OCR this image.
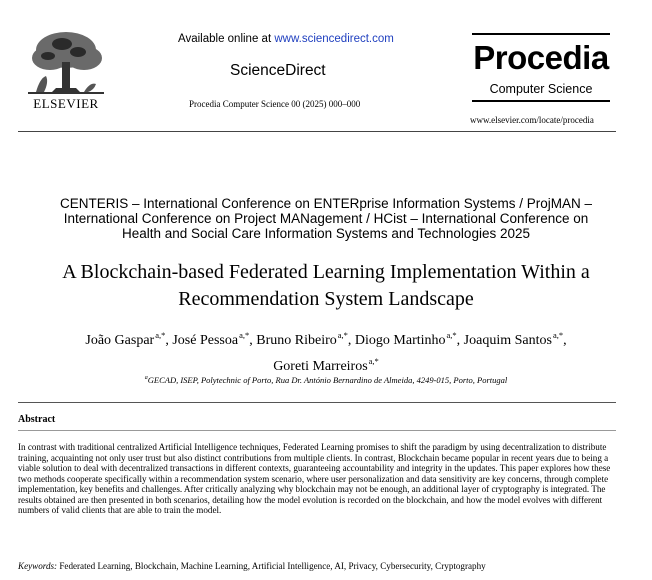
ELSEVIER
Available online at www.sciencedirect.com
ScienceDirect
Procedia Computer Science 00 (2025) 000–000
Procedia
Computer Science
www.elsevier.com/locate/procedia
CENTERIS – International Conference on ENTERprise Information Systems / ProjMAN –
International Conference on Project MANagement / HCist – International Conference on
Health and Social Care Information Systems and Technologies 2025
A Blockchain-based Federated Learning Implementation Within a
Recommendation System Landscape
João Gaspar$^{a,*}$, José Pessoa$^{a,*}$, Bruno Ribeiro$^{a,*}$, Diogo Martinho$^{a,*}$, Joaquim Santos$^{a,*}$,
Goreti Marreiros$^{a,*}$
$^a$GECAD, ISEP, Polytechnic of Porto, Rua Dr. António Bernardino de Almeida, 4249-015, Porto, Portugal
Abstract
In contrast with traditional centralized Artificial Intelligence techniques, Federated Learning promises to shift the paradigm by using decentralization to distribute training, acquainting not only user trust but also distinct contributions from multiple clients. In contrast, Blockchain became popular in recent years due to being a viable solution to deal with decentralized transactions in different contexts, guaranteeing accountability and integrity in the updates. This paper explores how these two methods cooperate specifically within a recommendation system scenario, where user personalization and data sensitivity are key concerns, through complete implementation, key benefits and challenges. After critically analyzing why blockchain may not be enough, an additional layer of cryptography is integrated. The results obtained are then presented in both scenarios, detailing how the model evolution is recorded on the blockchain, and how the model evolves with different numbers of valid clients that are able to train the model.
Keywords: Federated Learning, Blockchain, Machine Learning, Artificial Intelligence, AI, Privacy, Cybersecurity, Cryptography
